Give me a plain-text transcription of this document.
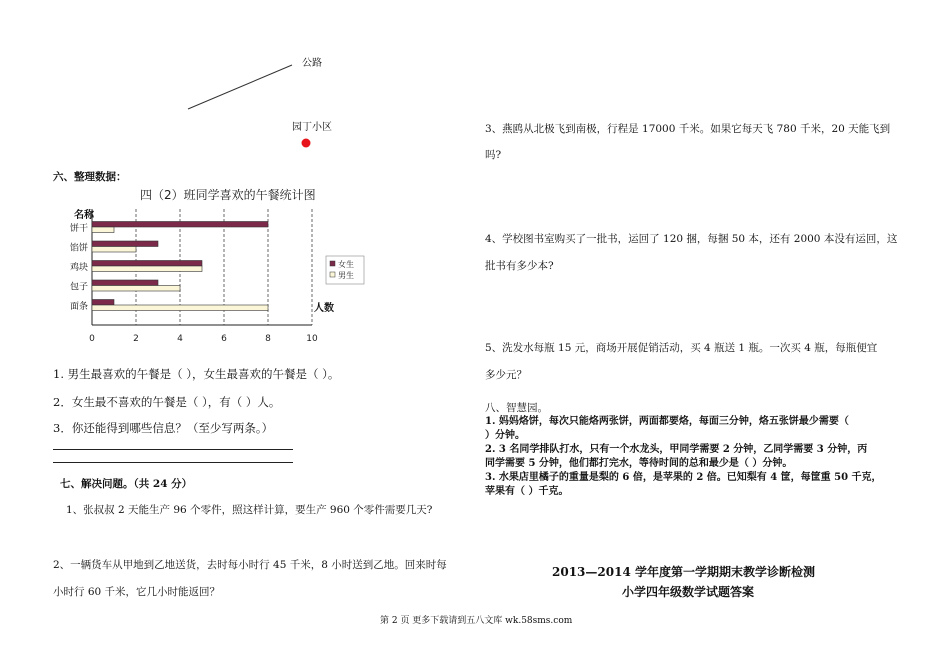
公路
园丁小区
六、整理数据：
四（2）班同学喜欢的午餐统计图
名称
0	2	4	6	8	10
人数
饼干
馅饼
鸡块
包子
面条
女生
男生
1. 男生最喜欢的午餐是（ ），女生最喜欢的午餐是（ ）。
2．女生最不喜欢的午餐是（ ），有（ ）人。
3．你还能得到哪些信息？（至少写两条。）
七、解决问题。（共 24 分）
1、张叔叔 2 天能生产 96 个零件，照这样计算，要生产 960 个零件需要几天?
2、一辆货车从甲地到乙地送货，去时每小时行 45 千米，8 小时送到乙地。回来时每
小时行 60 千米，它几小时能返回？
3、燕鸥从北极飞到南极，行程是 17000 千米。如果它每天飞 780 千米，20 天能飞到
吗?
4、学校图书室购买了一批书，运回了 120 捆，每捆 50 本，还有 2000 本没有运回，这
批书有多少本?
5、洗发水每瓶 15 元，商场开展促销活动，买 4 瓶送 1 瓶。一次买 4 瓶，每瓶便宜
多少元？
八、智慧园。
1. 妈妈烙饼，每次只能烙两张饼，两面都要烙，每面三分钟，烙五张饼最少需要（
）分钟。
2. 3 名同学排队打水，只有一个水龙头，甲同学需要 2 分钟，乙同学需要 3 分钟，丙
同学需要 5 分钟，他们都打完水，等待时间的总和最少是（ ）分钟。
3. 水果店里橘子的重量是梨的 6 倍，是苹果的 2 倍。已知梨有 4 筐，每筐重 50 千克，
苹果有（ ）千克。
2013—2014 学年度第一学期期末教学诊断检测
小学四年级数学试题答案
第 2 页 更多下载请到五八文库 wk.58sms.com
